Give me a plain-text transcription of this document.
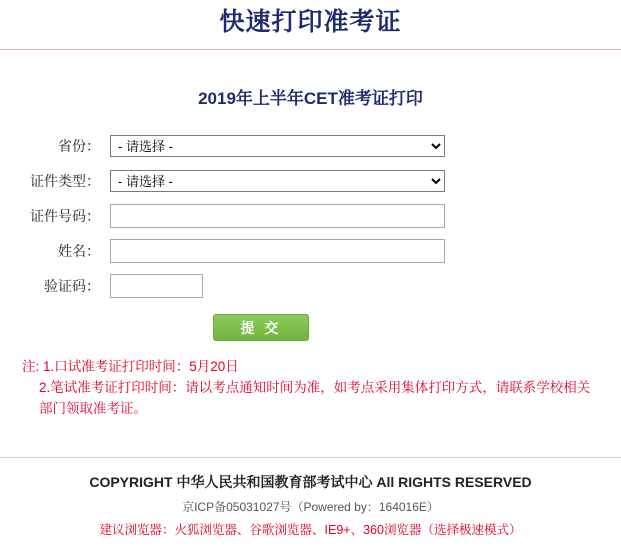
快速打印准考证
2019年上半年CET准考证打印
省份：
- 请选择 -
证件类型：
- 请选择 -
证件号码：
姓名：
验证码：
提 交
注: 1.口试准考证打印时间：5月20日
2.笔试准考证打印时间：请以考点通知时间为准，如考点采用集体打印方式，请联系学校相关部门领取准考证。
COPYRIGHT 中华人民共和国教育部考试中心 All RIGHTS RESERVED
京ICP备05031027号（Powered by：164016E）
建议浏览器：火狐浏览器、谷歌浏览器、IE9+、360浏览器（选择极速模式）
